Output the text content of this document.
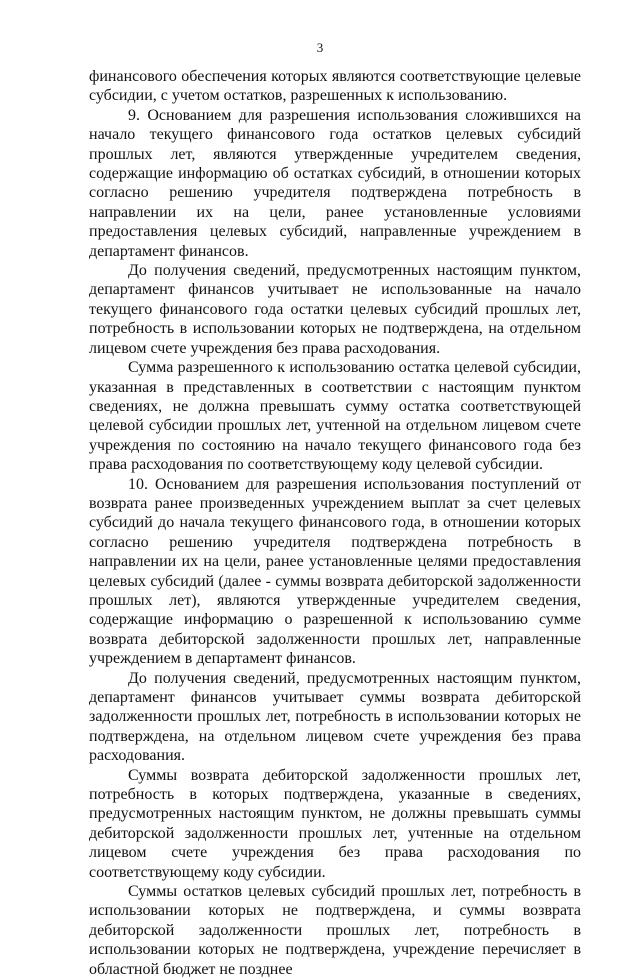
3

финансового обеспечения которых являются соответствующие целевые субсидии, с учетом остатков, разрешенных к использованию.

9. Основанием для разрешения использования сложившихся на начало текущего финансового года остатков целевых субсидий прошлых лет, являются утвержденные учредителем сведения, содержащие информацию об остатках субсидий, в отношении которых согласно решению учредителя подтверждена потребность в направлении их на цели, ранее установленные условиями предоставления целевых субсидий, направленные учреждением в департамент финансов.

До получения сведений, предусмотренных настоящим пунктом, департамент финансов учитывает не использованные на начало текущего финансового года остатки целевых субсидий прошлых лет, потребность в использовании которых не подтверждена, на отдельном лицевом счете учреждения без права расходования.

Сумма разрешенного к использованию остатка целевой субсидии, указанная в представленных в соответствии с настоящим пунктом сведениях, не должна превышать сумму остатка соответствующей целевой субсидии прошлых лет, учтенной на отдельном лицевом счете учреждения по состоянию на начало текущего финансового года без права расходования по соответствующему коду целевой субсидии.

10. Основанием для разрешения использования поступлений от возврата ранее произведенных учреждением выплат за счет целевых субсидий до начала текущего финансового года, в отношении которых согласно решению учредителя подтверждена потребность в направлении их на цели, ранее установленные целями предоставления целевых субсидий (далее - суммы возврата дебиторской задолженности прошлых лет), являются утвержденные учредителем сведения, содержащие информацию о разрешенной к использованию сумме возврата дебиторской задолженности прошлых лет, направленные учреждением в департамент финансов.

До получения сведений, предусмотренных настоящим пунктом, департамент финансов учитывает суммы возврата дебиторской задолженности прошлых лет, потребность в использовании которых не подтверждена, на отдельном лицевом счете учреждения без права расходования.

Суммы возврата дебиторской задолженности прошлых лет, потребность в которых подтверждена, указанные в сведениях, предусмотренных настоящим пунктом, не должны превышать суммы дебиторской задолженности прошлых лет, учтенные на отдельном лицевом счете учреждения без права расходования по соответствующему коду субсидии.

Суммы остатков целевых субсидий прошлых лет, потребность в использовании которых не подтверждена, и суммы возврата дебиторской задолженности прошлых лет, потребность в использовании которых не подтверждена, учреждение перечисляет в областной бюджет не позднее
